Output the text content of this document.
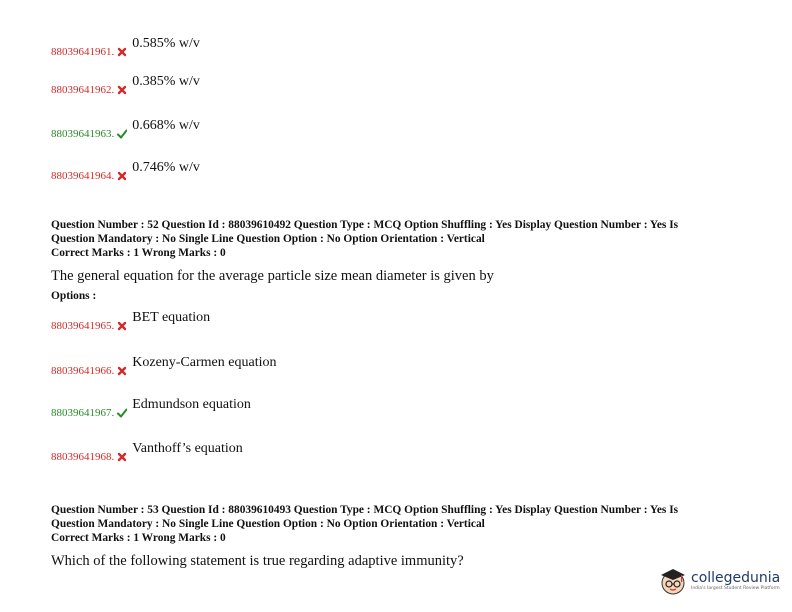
88039641961.
0.585% w/v
88039641962.
0.385% w/v
88039641963.
0.668% w/v
88039641964.
0.746% w/v
Question Number : 52 Question Id : 88039610492 Question Type : MCQ Option Shuffling : Yes Display Question Number : Yes Is
Question Mandatory : No Single Line Question Option : No Option Orientation : Vertical
Correct Marks : 1 Wrong Marks : 0
The general equation for the average particle size mean diameter is given by
Options :
88039641965.
BET equation
88039641966.
Kozeny-Carmen equation
88039641967.
Edmundson equation
88039641968.
Vanthoff’s equation
Question Number : 53 Question Id : 88039610493 Question Type : MCQ Option Shuffling : Yes Display Question Number : Yes Is
Question Mandatory : No Single Line Question Option : No Option Orientation : Vertical
Correct Marks : 1 Wrong Marks : 0
Which of the following statement is true regarding adaptive immunity?
collegedunia
India's largest Student Review Platform
